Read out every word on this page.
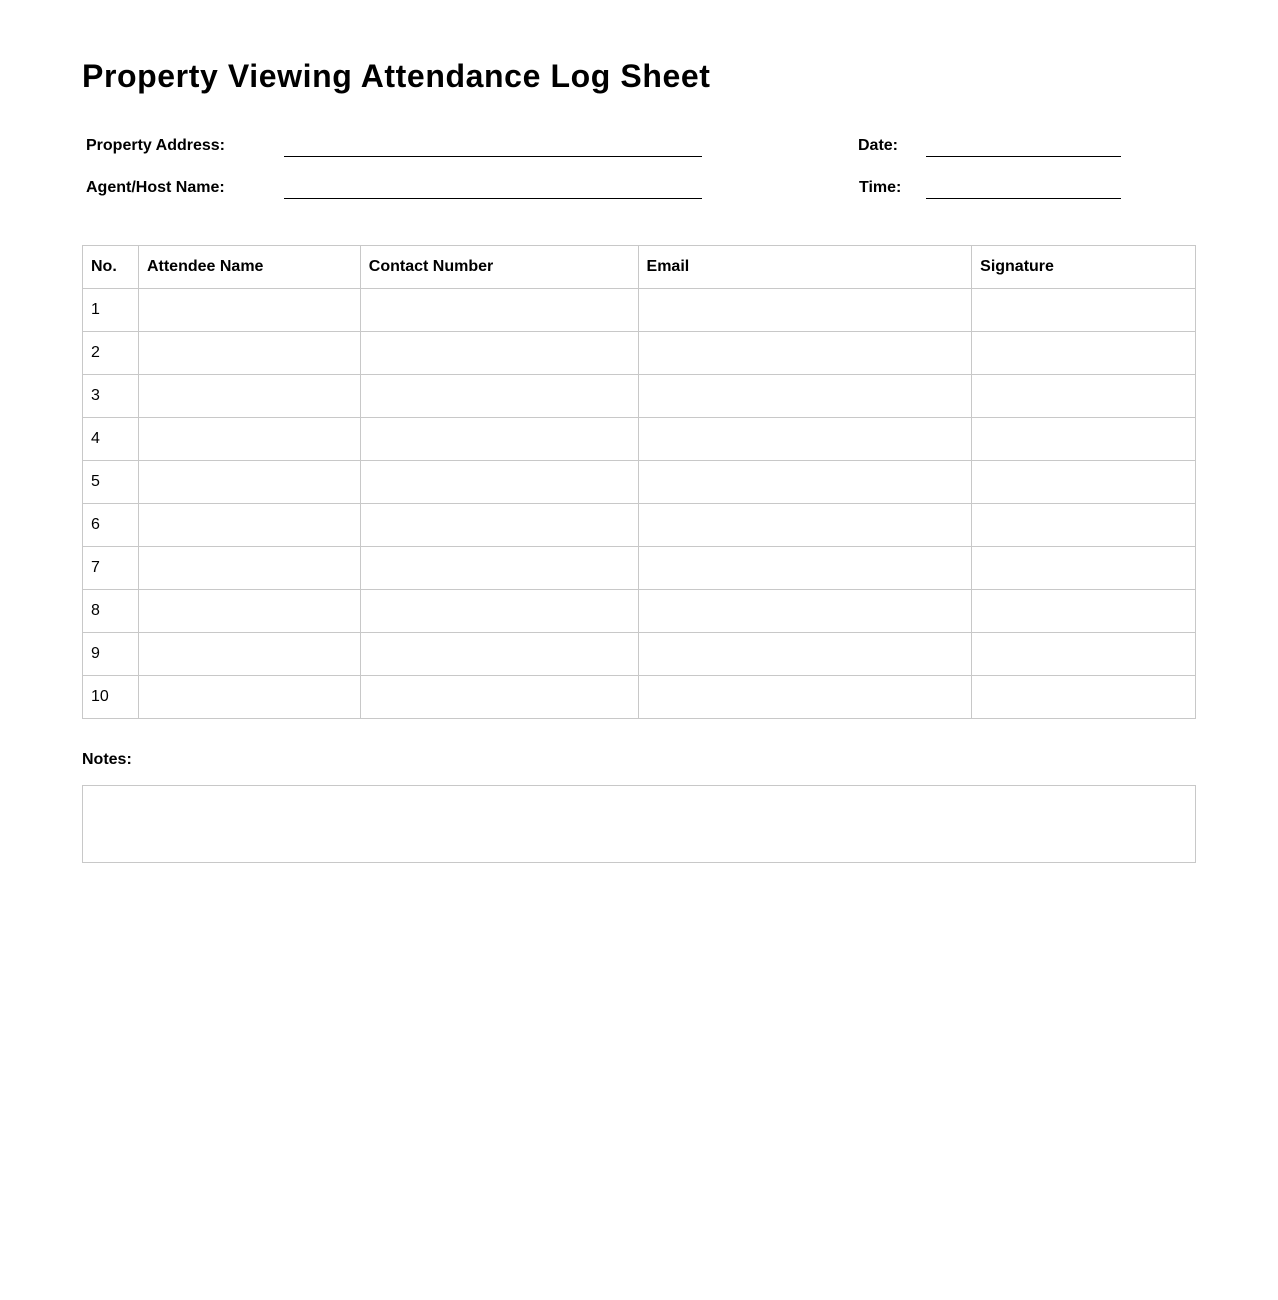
Property Viewing Attendance Log Sheet
Property Address:	Date:
Agent/Host Name:	Time:
No.	Attendee Name	Contact Number	Email	Signature
1				
2				
3				
4				
5				
6				
7				
8				
9				
10				
Notes:
